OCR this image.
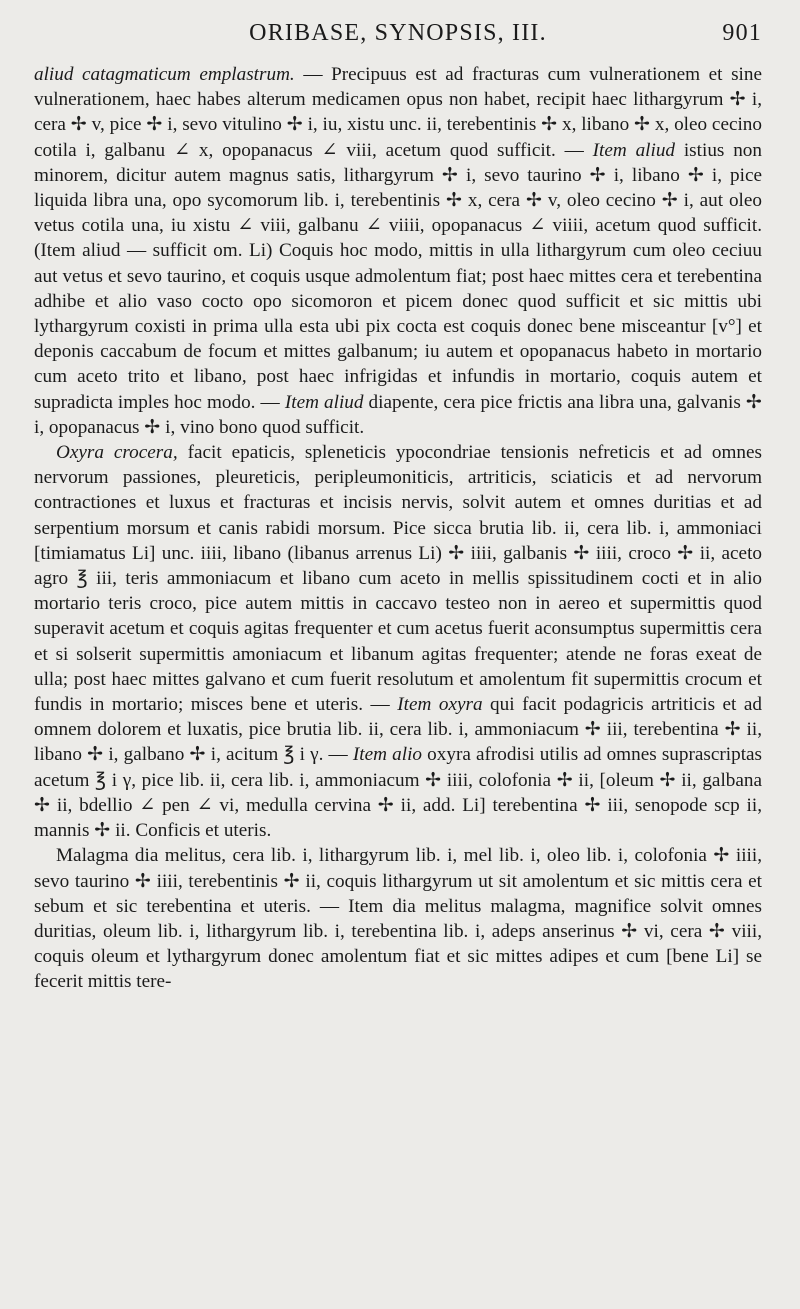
ORIBASE, SYNOPSIS, III.	901

aliud catagmaticum emplastrum. — Precipuus est ad fracturas cum vulnerationem et sine vulnerationem, haec habes alterum medicamen opus non habet, recipit haec lithargyrum ✢ i, cera ✢ v, pice ✢ i, sevo vitulino ✢ i, iu, xistu unc. ii, terebentinis ✢ x, libano ✢ x, oleo cecino cotila i, galbanu ∠ x, opopanacus ∠ viii, acetum quod sufficit. — Item aliud istius non minorem, dicitur autem magnus satis, lithargyrum ✢ i, sevo taurino ✢ i, libano ✢ i, pice liquida libra una, opo sycomorum lib. i, terebentinis ✢ x, cera ✢ v, oleo cecino ✢ i, aut oleo vetus cotila una, iu xistu ∠ viii, galbanu ∠ viiii, opopanacus ∠ viiii, acetum quod sufficit. (Item aliud — sufficit om. Li) Coquis hoc modo, mittis in ulla lithargyrum cum oleo ceciuu aut vetus et sevo taurino, et coquis usque admolentum fiat; post haec mittes cera et terebentina adhibe et alio vaso cocto opo sicomoron et picem donec quod sufficit et sic mittis ubi lythargyrum coxisti in prima ulla esta ubi pix cocta est coquis donec bene misceantur [v°] et deponis caccabum de focum et mittes galbanum; iu autem et opopanacus habeto in mortario cum aceto trito et libano, post haec infrigidas et infundis in mortario, coquis autem et supradicta imples hoc modo. — Item aliud diapente, cera pice frictis ana libra una, galvanis ✢ i, opopanacus ✢ i, vino bono quod sufficit.

Oxyra crocera, facit epaticis, spleneticis ypocondriae tensionis nefreticis et ad omnes nervorum passiones, pleureticis, peripleumoniticis, artriticis, sciaticis et ad nervorum contractiones et luxus et fracturas et incisis nervis, solvit autem et omnes duritias et ad serpentium morsum et canis rabidi morsum. Pice sicca brutia lib. ii, cera lib. i, ammoniaci [timiamatus Li] unc. iiii, libano (libanus arrenus Li) ✢ iiii, galbanis ✢ iiii, croco ✢ ii, aceto agro ℥ iii, teris ammoniacum et libano cum aceto in mellis spissitudinem cocti et in alio mortario teris croco, pice autem mittis in caccavo testeo non in aereo et supermittis quod superavit acetum et coquis agitas frequenter et cum acetus fuerit aconsumptus supermittis cera et si solserit supermittis amoniacum et libanum agitas frequenter; atende ne foras exeat de ulla; post haec mittes galvano et cum fuerit resolutum et amolentum fit supermittis crocum et fundis in mortario; misces bene et uteris. — Item oxyra qui facit podagricis artriticis et ad omnem dolorem et luxatis, pice brutia lib. ii, cera lib. i, ammoniacum ✢ iii, terebentina ✢ ii, libano ✢ i, galbano ✢ i, acitum ℥ i γ. — Item alio oxyra afrodisi utilis ad omnes suprascriptas acetum ℥ i γ, pice lib. ii, cera lib. i, ammoniacum ✢ iiii, colofonia ✢ ii, [oleum ✢ ii, galbana ✢ ii, bdellio ∠ pen ∠ vi, medulla cervina ✢ ii, add. Li] terebentina ✢ iii, senopode scp ii, mannis ✢ ii. Conficis et uteris.

Malagma dia melitus, cera lib. i, lithargyrum lib. i, mel lib. i, oleo lib. i, colofonia ✢ iiii, sevo taurino ✢ iiii, terebentinis ✢ ii, coquis lithargyrum ut sit amolentum et sic mittis cera et sebum et sic terebentina et uteris. — Item dia melitus malagma, magnifice solvit omnes duritias, oleum lib. i, lithargyrum lib. i, terebentina lib. i, adeps anserinus ✢ vi, cera ✢ viii, coquis oleum et lythargyrum donec amolentum fiat et sic mittes adipes et cum [bene Li] se fecerit mittis tere-
